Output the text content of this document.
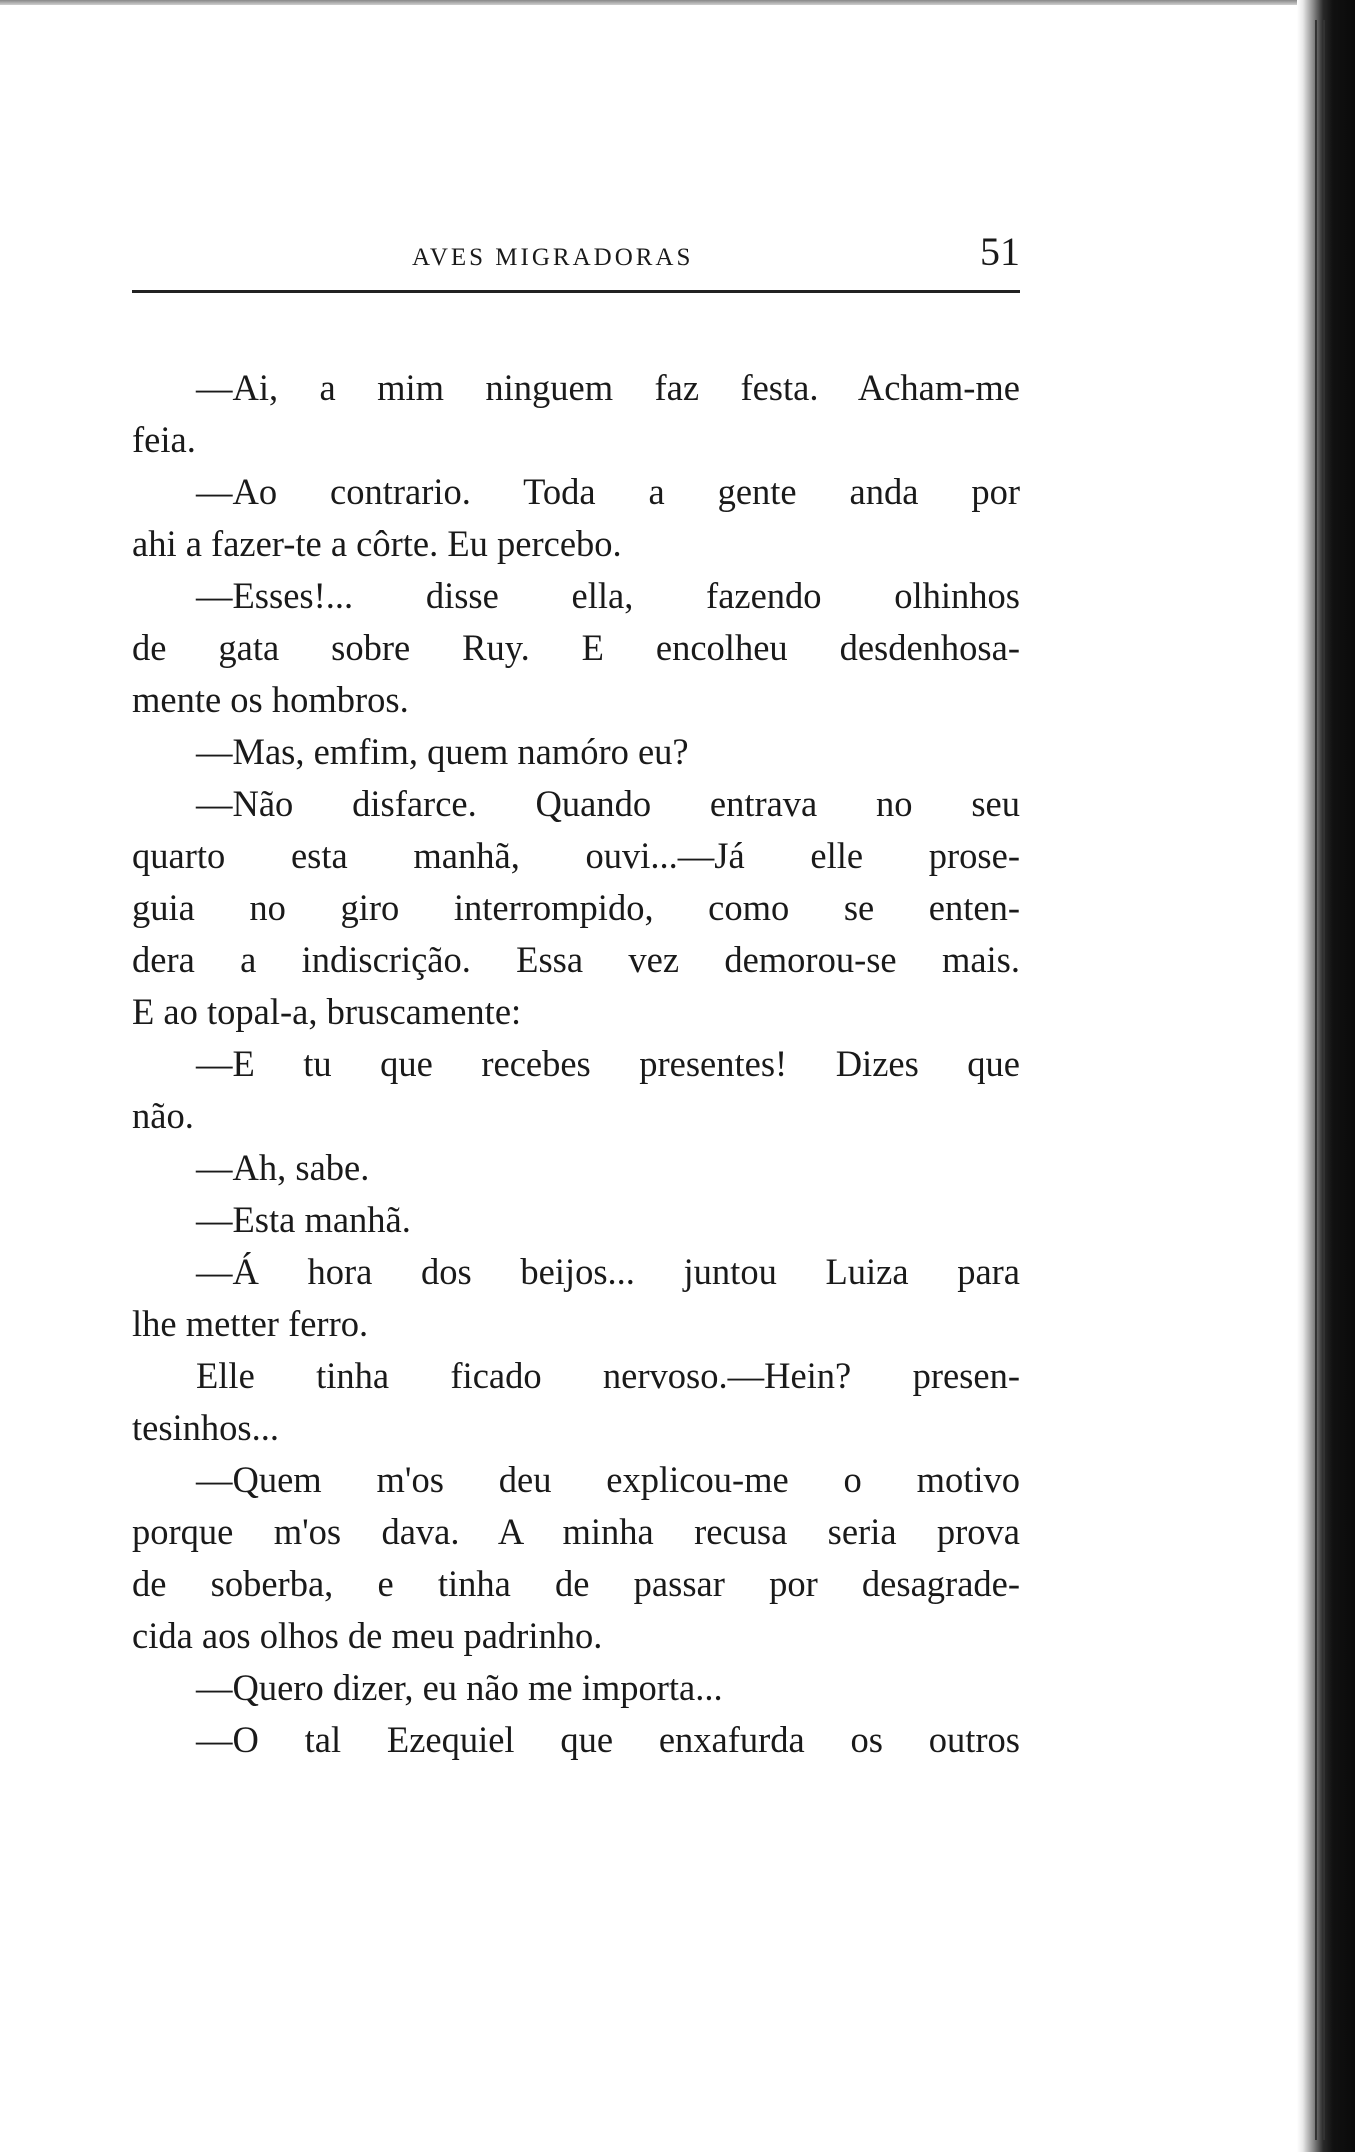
AVES MIGRADORAS	51
—Ai, a mim ninguem faz festa. Acham-me
feia.
—Ao contrario. Toda a gente anda por
ahi a fazer-te a côrte. Eu percebo.
—Esses!... disse ella, fazendo olhinhos
de gata sobre Ruy. E encolheu desdenhosa-
mente os hombros.
—Mas, emfim, quem namóro eu?
—Não disfarce. Quando entrava no seu
quarto esta manhã, ouvi...—Já elle prose-
guia no giro interrompido, como se enten-
dera a indiscrição. Essa vez demorou-se mais.
E ao topal-a, bruscamente:
—E tu que recebes presentes! Dizes que
não.
—Ah, sabe.
—Esta manhã.
—Á hora dos beijos... juntou Luiza para
lhe metter ferro.
Elle tinha ficado nervoso.—Hein? presen-
tesinhos...
—Quem m'os deu explicou-me o motivo
porque m'os dava. A minha recusa seria prova
de soberba, e tinha de passar por desagrade-
cida aos olhos de meu padrinho.
—Quero dizer, eu não me importa...
—O tal Ezequiel que enxafurda os outros
